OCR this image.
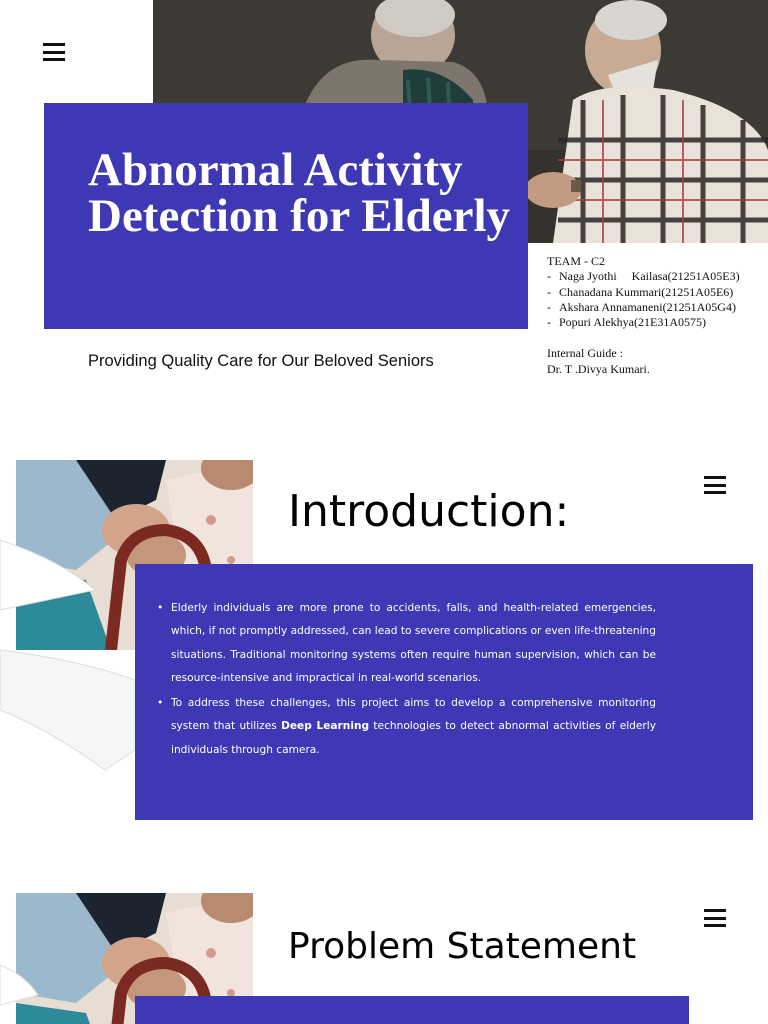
Abnormal Activity Detection for Elderly
Providing Quality Care for Our Beloved Seniors
TEAM - C2
- Naga Jyothi     Kailasa(21251A05E3)
- Chanadana Kummari(21251A05E6)
- Akshara Annamaneni(21251A05G4)
- Popuri Alekhya(21E31A0575)
Internal Guide :
Dr. T .Divya Kumari.
Introduction:
• Elderly individuals are more prone to accidents, falls, and health-related emergencies, which, if not promptly addressed, can lead to severe complications or even life-threatening situations. Traditional monitoring systems often require human supervision, which can be resource-intensive and impractical in real-world scenarios.
• To address these challenges, this project aims to develop a comprehensive monitoring system that utilizes Deep Learning technologies to detect abnormal activities of elderly individuals through camera.
Problem Statement
